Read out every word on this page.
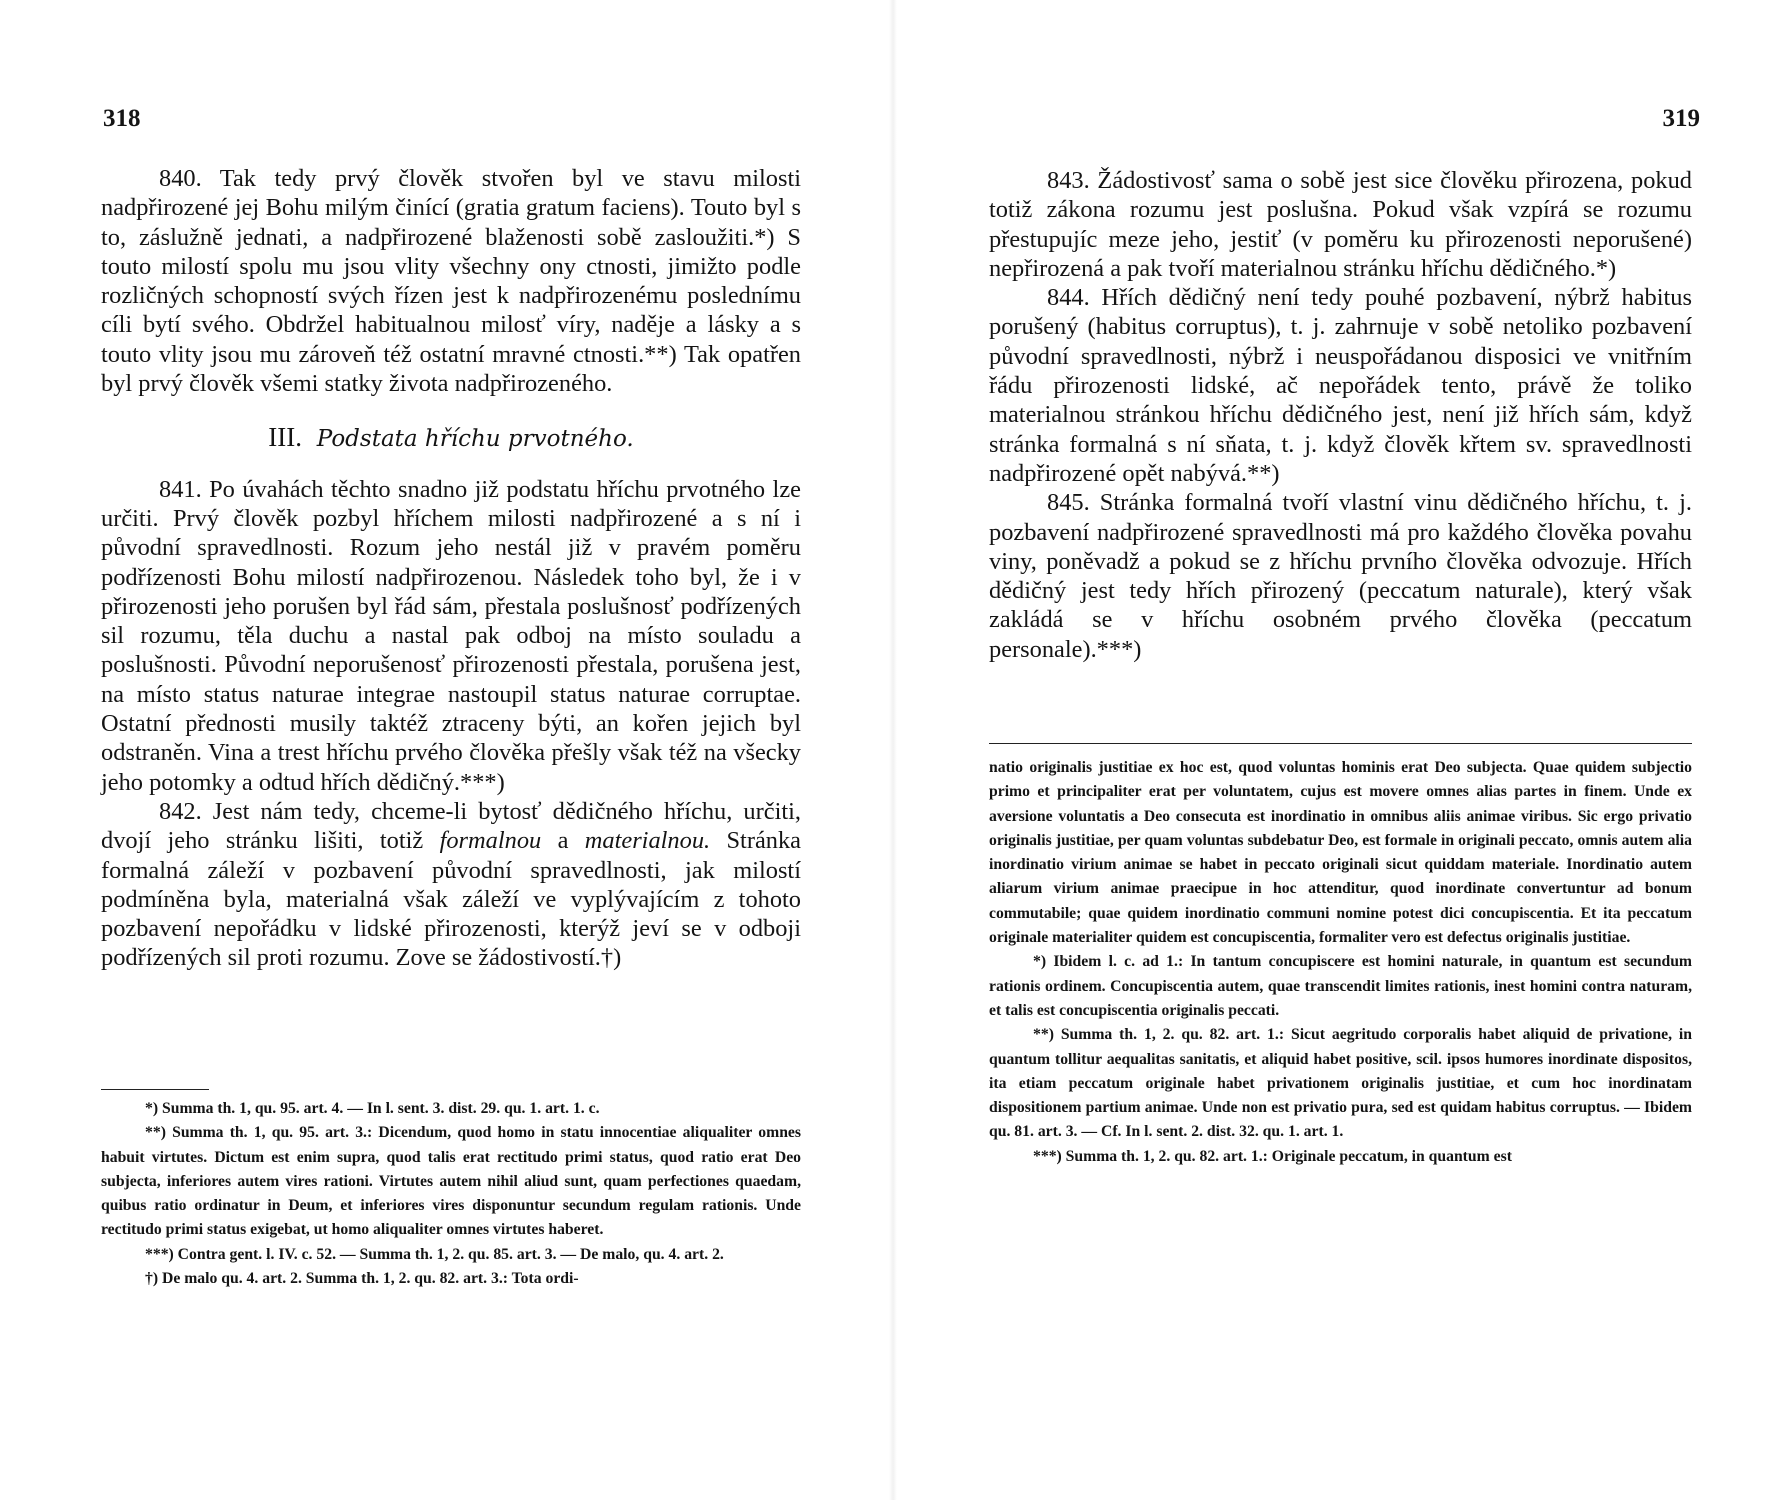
318

840. Tak tedy prvý člověk stvořen byl ve stavu milosti nadpřirozené jej Bohu milým činící (gratia gratum faciens). Touto byl s to, záslužně jednati, a nadpřirozené blaženosti sobě zasloužiti.*) S touto milostí spolu mu jsou vlity všechny ony ctnosti, jimižto podle rozličných schopností svých řízen jest k nadpřirozenému poslednímu cíli bytí svého. Obdržel habitualnou milosť víry, naděje a lásky a s touto vlity jsou mu zároveň též ostatní mravné ctnosti.**) Tak opatřen byl prvý člověk všemi statky života nadpřirozeného.

III. Podstata hříchu prvotného.

841. Po úvahách těchto snadno již podstatu hříchu prvotného lze určiti. Prvý člověk pozbyl hříchem milosti nadpřirozené a s ní i původní spravedlnosti. Rozum jeho nestál již v pravém poměru podřízenosti Bohu milostí nadpřirozenou. Následek toho byl, že i v přirozenosti jeho porušen byl řád sám, přestala poslušnosť podřízených sil rozumu, těla duchu a nastal pak odboj na místo souladu a poslušnosti. Původní neporušenosť přirozenosti přestala, porušena jest, na místo status naturae integrae nastoupil status naturae corruptae. Ostatní přednosti musily taktéž ztraceny býti, an kořen jejich byl odstraněn. Vina a trest hříchu prvého člověka přešly však též na všecky jeho potomky a odtud hřích dědičný.***)

842. Jest nám tedy, chceme-li bytosť dědičného hříchu, určiti, dvojí jeho stránku lišiti, totiž formalnou a materialnou. Stránka formalná záleží v pozbavení původní spravedlnosti, jak milostí podmíněna byla, materialná však záleží ve vyplývajícím z tohoto pozbavení nepořádku v lidské přirozenosti, kterýž jeví se v odboji podřízených sil proti rozumu. Zove se žádostivostí.†)

*) Summa th. 1, qu. 95. art. 4. — In l. sent. 3. dist. 29. qu. 1. art. 1. c.

**) Summa th. 1, qu. 95. art. 3.: Dicendum, quod homo in statu innocentiae aliqualiter omnes habuit virtutes. Dictum est enim supra, quod talis erat rectitudo primi status, quod ratio erat Deo subjecta, inferiores autem vires rationi. Virtutes autem nihil aliud sunt, quam perfectiones quaedam, quibus ratio ordinatur in Deum, et inferiores vires disponuntur secundum regulam rationis. Unde rectitudo primi status exigebat, ut homo aliqualiter omnes virtutes haberet.

***) Contra gent. l. IV. c. 52. — Summa th. 1, 2. qu. 85. art. 3. — De malo, qu. 4. art. 2.

†) De malo qu. 4. art. 2. Summa th. 1, 2. qu. 82. art. 3.: Tota ordi-

319

843. Žádostivosť sama o sobě jest sice člověku přirozena, pokud totiž zákona rozumu jest poslušna. Pokud však vzpírá se rozumu přestupujíc meze jeho, jestiť (v poměru ku přirozenosti neporušené) nepřirozená a pak tvoří materialnou stránku hříchu dědičného.*)

844. Hřích dědičný není tedy pouhé pozbavení, nýbrž habitus porušený (habitus corruptus), t. j. zahrnuje v sobě netoliko pozbavení původní spravedlnosti, nýbrž i neuspořádanou disposici ve vnitřním řádu přirozenosti lidské, ač nepořádek tento, právě že toliko materialnou stránkou hříchu dědičného jest, není již hřích sám, když stránka formalná s ní sňata, t. j. když člověk křtem sv. spravedlnosti nadpřirozené opět nabývá.**)

845. Stránka formalná tvoří vlastní vinu dědičného hříchu, t. j. pozbavení nadpřirozené spravedlnosti má pro každého člověka povahu viny, poněvadž a pokud se z hříchu prvního člověka odvozuje. Hřích dědičný jest tedy hřích přirozený (peccatum naturale), který však zakládá se v hříchu osobném prvého člověka (peccatum personale).***)

natio originalis justitiae ex hoc est, quod voluntas hominis erat Deo subjecta. Quae quidem subjectio primo et principaliter erat per voluntatem, cujus est movere omnes alias partes in finem. Unde ex aversione voluntatis a Deo consecuta est inordinatio in omnibus aliis animae viribus. Sic ergo privatio originalis justitiae, per quam voluntas subdebatur Deo, est formale in originali peccato, omnis autem alia inordinatio virium animae se habet in peccato originali sicut quiddam materiale. Inordinatio autem aliarum virium animae praecipue in hoc attenditur, quod inordinate convertuntur ad bonum commutabile; quae quidem inordinatio communi nomine potest dici concupiscentia. Et ita peccatum originale materialiter quidem est concupiscentia, formaliter vero est defectus originalis justitiae.

*) Ibidem l. c. ad 1.: In tantum concupiscere est homini naturale, in quantum est secundum rationis ordinem. Concupiscentia autem, quae transcendit limites rationis, inest homini contra naturam, et talis est concupiscentia originalis peccati.

**) Summa th. 1, 2. qu. 82. art. 1.: Sicut aegritudo corporalis habet aliquid de privatione, in quantum tollitur aequalitas sanitatis, et aliquid habet positive, scil. ipsos humores inordinate dispositos, ita etiam peccatum originale habet privationem originalis justitiae, et cum hoc inordinatam dispositionem partium animae. Unde non est privatio pura, sed est quidam habitus corruptus. — Ibidem qu. 81. art. 3. — Cf. In l. sent. 2. dist. 32. qu. 1. art. 1.

***) Summa th. 1, 2. qu. 82. art. 1.: Originale peccatum, in quantum est
